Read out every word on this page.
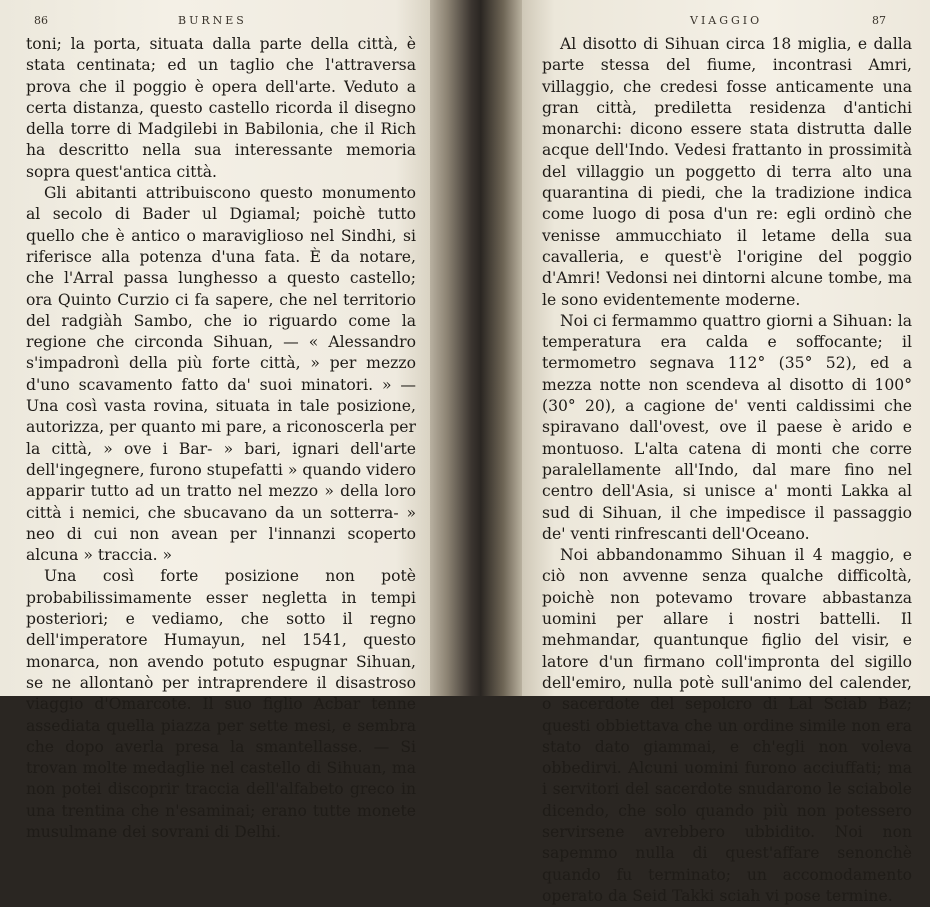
86	BURNES

toni; la porta, situata dalla parte della città, è stata centinata; ed un taglio che l'attraversa prova che il poggio è opera dell'arte. Veduto a certa distanza, questo castello ricorda il disegno della torre di Madgilebi in Babilonia, che il Rich ha descritto nella sua interessante memoria sopra quest'antica città.

Gli abitanti attribuiscono questo monumento al secolo di Bader ul Dgiamal; poichè tutto quello che è antico o maraviglioso nel Sindhi, si riferisce alla potenza d'una fata. È da notare, che l'Arral passa lunghesso a questo castello; ora Quinto Curzio ci fa sapere, che nel territorio del radgiàh Sambo, che io riguardo come la regione che circonda Sihuan, — « Alessandro s'impadronì della più forte città, » per mezzo d'uno scavamento fatto da' suoi minatori. » — Una così vasta rovina, situata in tale posizione, autorizza, per quanto mi pare, a riconoscerla per la città, » ove i Bar- » bari, ignari dell'arte dell'ingegnere, furono stupefatti » quando videro apparir tutto ad un tratto nel mezzo » della loro città i nemici, che sbucavano da un sotterra- » neo di cui non avean per l'innanzi scoperto alcuna » traccia. »

Una così forte posizione non potè probabilissimamente esser negletta in tempi posteriori; e vediamo, che sotto il regno dell'imperatore Humayun, nel 1541, questo monarca, non avendo potuto espugnar Sihuan, se ne allontanò per intraprendere il disastroso viaggio d'Omarcote. Il suo figlio Acbar tenne assediata quella piazza per sette mesi, e sembra che dopo averla presa la smantellasse. — Si trovan molte medaglie nel castello di Sihuan, ma non potei discoprir traccia dell'alfabeto greco in una trentina che n'esaminai; erano tutte monete musulmane dei sovrani di Delhi.

VIAGGIO	87

Al disotto di Sihuan circa 18 miglia, e dalla parte stessa del fiume, incontrasi Amri, villaggio, che credesi fosse anticamente una gran città, prediletta residenza d'antichi monarchi: dicono essere stata distrutta dalle acque dell'Indo. Vedesi frattanto in prossimità del villaggio un poggetto di terra alto una quarantina di piedi, che la tradizione indica come luogo di posa d'un re: egli ordinò che venisse ammucchiato il letame della sua cavalleria, e quest'è l'origine del poggio d'Amri! Vedonsi nei dintorni alcune tombe, ma le sono evidentemente moderne.

Noi ci fermammo quattro giorni a Sihuan: la temperatura era calda e soffocante; il termometro segnava 112° (35° 52), ed a mezza notte non scendeva al disotto di 100° (30° 20), a cagione de' venti caldissimi che spiravano dall'ovest, ove il paese è arido e montuoso. L'alta catena di monti che corre paralellamente all'Indo, dal mare fino nel centro dell'Asia, si unisce a' monti Lakka al sud di Sihuan, il che impedisce il passaggio de' venti rinfrescanti dell'Oceano.

Noi abbandonammo Sihuan il 4 maggio, e ciò non avvenne senza qualche difficoltà, poichè non potevamo trovare abbastanza uomini per allare i nostri battelli. Il mehmandar, quantunque figlio del visir, e latore d'un firmano coll'impronta del sigillo dell'emiro, nulla potè sull'animo del calender, o sacerdote del sepolcro di Lal Sciab Baz; questi obbiettava che un ordine simile non era stato dato giammai, e ch'egli non voleva obbedirvi. Alcuni uomini furono acciuffati; ma i servitori del sacerdote snudarono le sciabole dicendo, che solo quando più non potessero servirsene avrebbero ubbidito. Noi non sapemmo nulla di quest'affare senonchè quando fu terminato; un accomodamento operato da Seid Takki sciah vi pose termine.
